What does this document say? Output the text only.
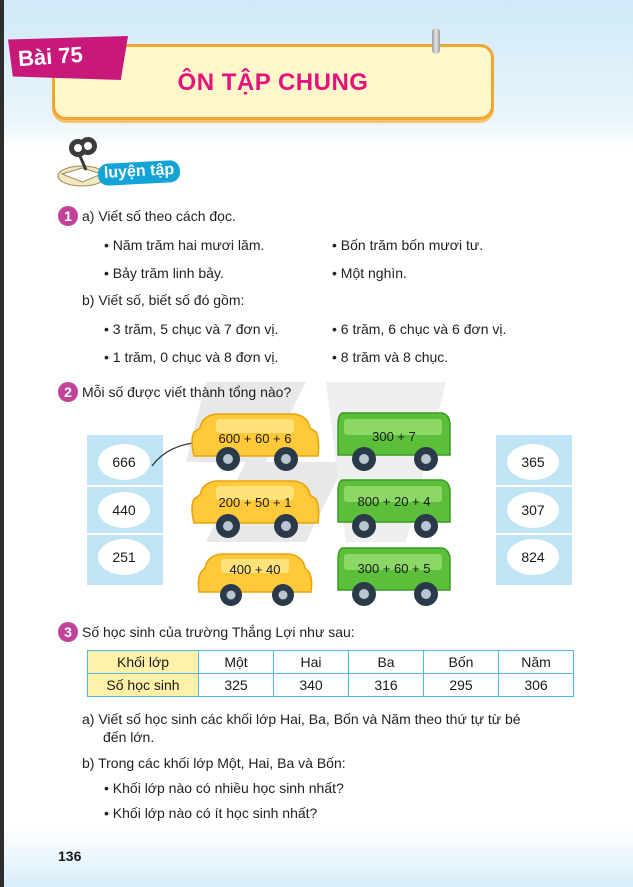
ÔN TẬP CHUNG
Bài 75
luyện tập
1 a) Viết số theo cách đọc.
• Năm trăm hai mươi lăm.	• Bốn trăm bốn mươi tư.
• Bảy trăm linh bảy.	• Một nghìn.
b) Viết số, biết số đó gồm:
• 3 trăm, 5 chục và 7 đơn vị.	• 6 trăm, 6 chục và 6 đơn vị.
• 1 trăm, 0 chục và 8 đơn vị.	• 8 trăm và 8 chục.
2 Mỗi số được viết thành tổng nào?
666
440
251
365
307
824
600 + 60 + 6
200 + 50 + 1
400 + 40
300 + 7
800 + 20 + 4
300 + 60 + 5
3 Số học sinh của trường Thắng Lợi như sau:
Khối lớp	Một	Hai	Ba	Bốn	Năm
Số học sinh	325	340	316	295	306
a) Viết số học sinh các khối lớp Hai, Ba, Bốn và Năm theo thứ tự từ bé
đến lớn.
b) Trong các khối lớp Một, Hai, Ba và Bốn:
• Khối lớp nào có nhiều học sinh nhất?
• Khối lớp nào có ít học sinh nhất?
136
